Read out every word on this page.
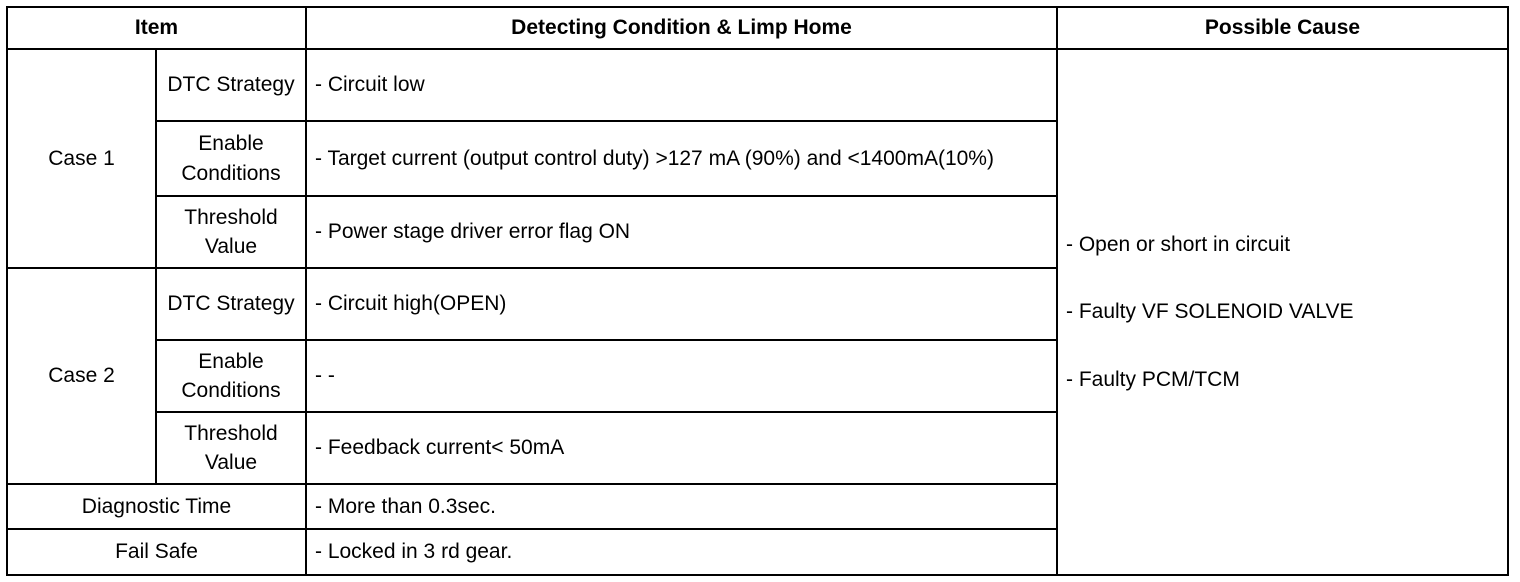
Item		Detecting Condition & Limp Home	Possible Cause
Case 1	DTC Strategy	- Circuit low	- Open or short in circuit
- Faulty VF SOLENOID VALVE
- Faulty PCM/TCM

	Enable Conditions	- Target current (output control duty) >127 mA (90%) and <1400mA(10%)	

	Threshold Value	- Power stage driver error flag ON	
Case 2	DTC Strategy	- Circuit high(OPEN)	
	Enable Conditions	- -	
	Threshold Value	- Feedback current< 50mA	
Diagnostic Time		- More than 0.3sec.	
Fail Safe		- Locked in 3 rd gear.	
